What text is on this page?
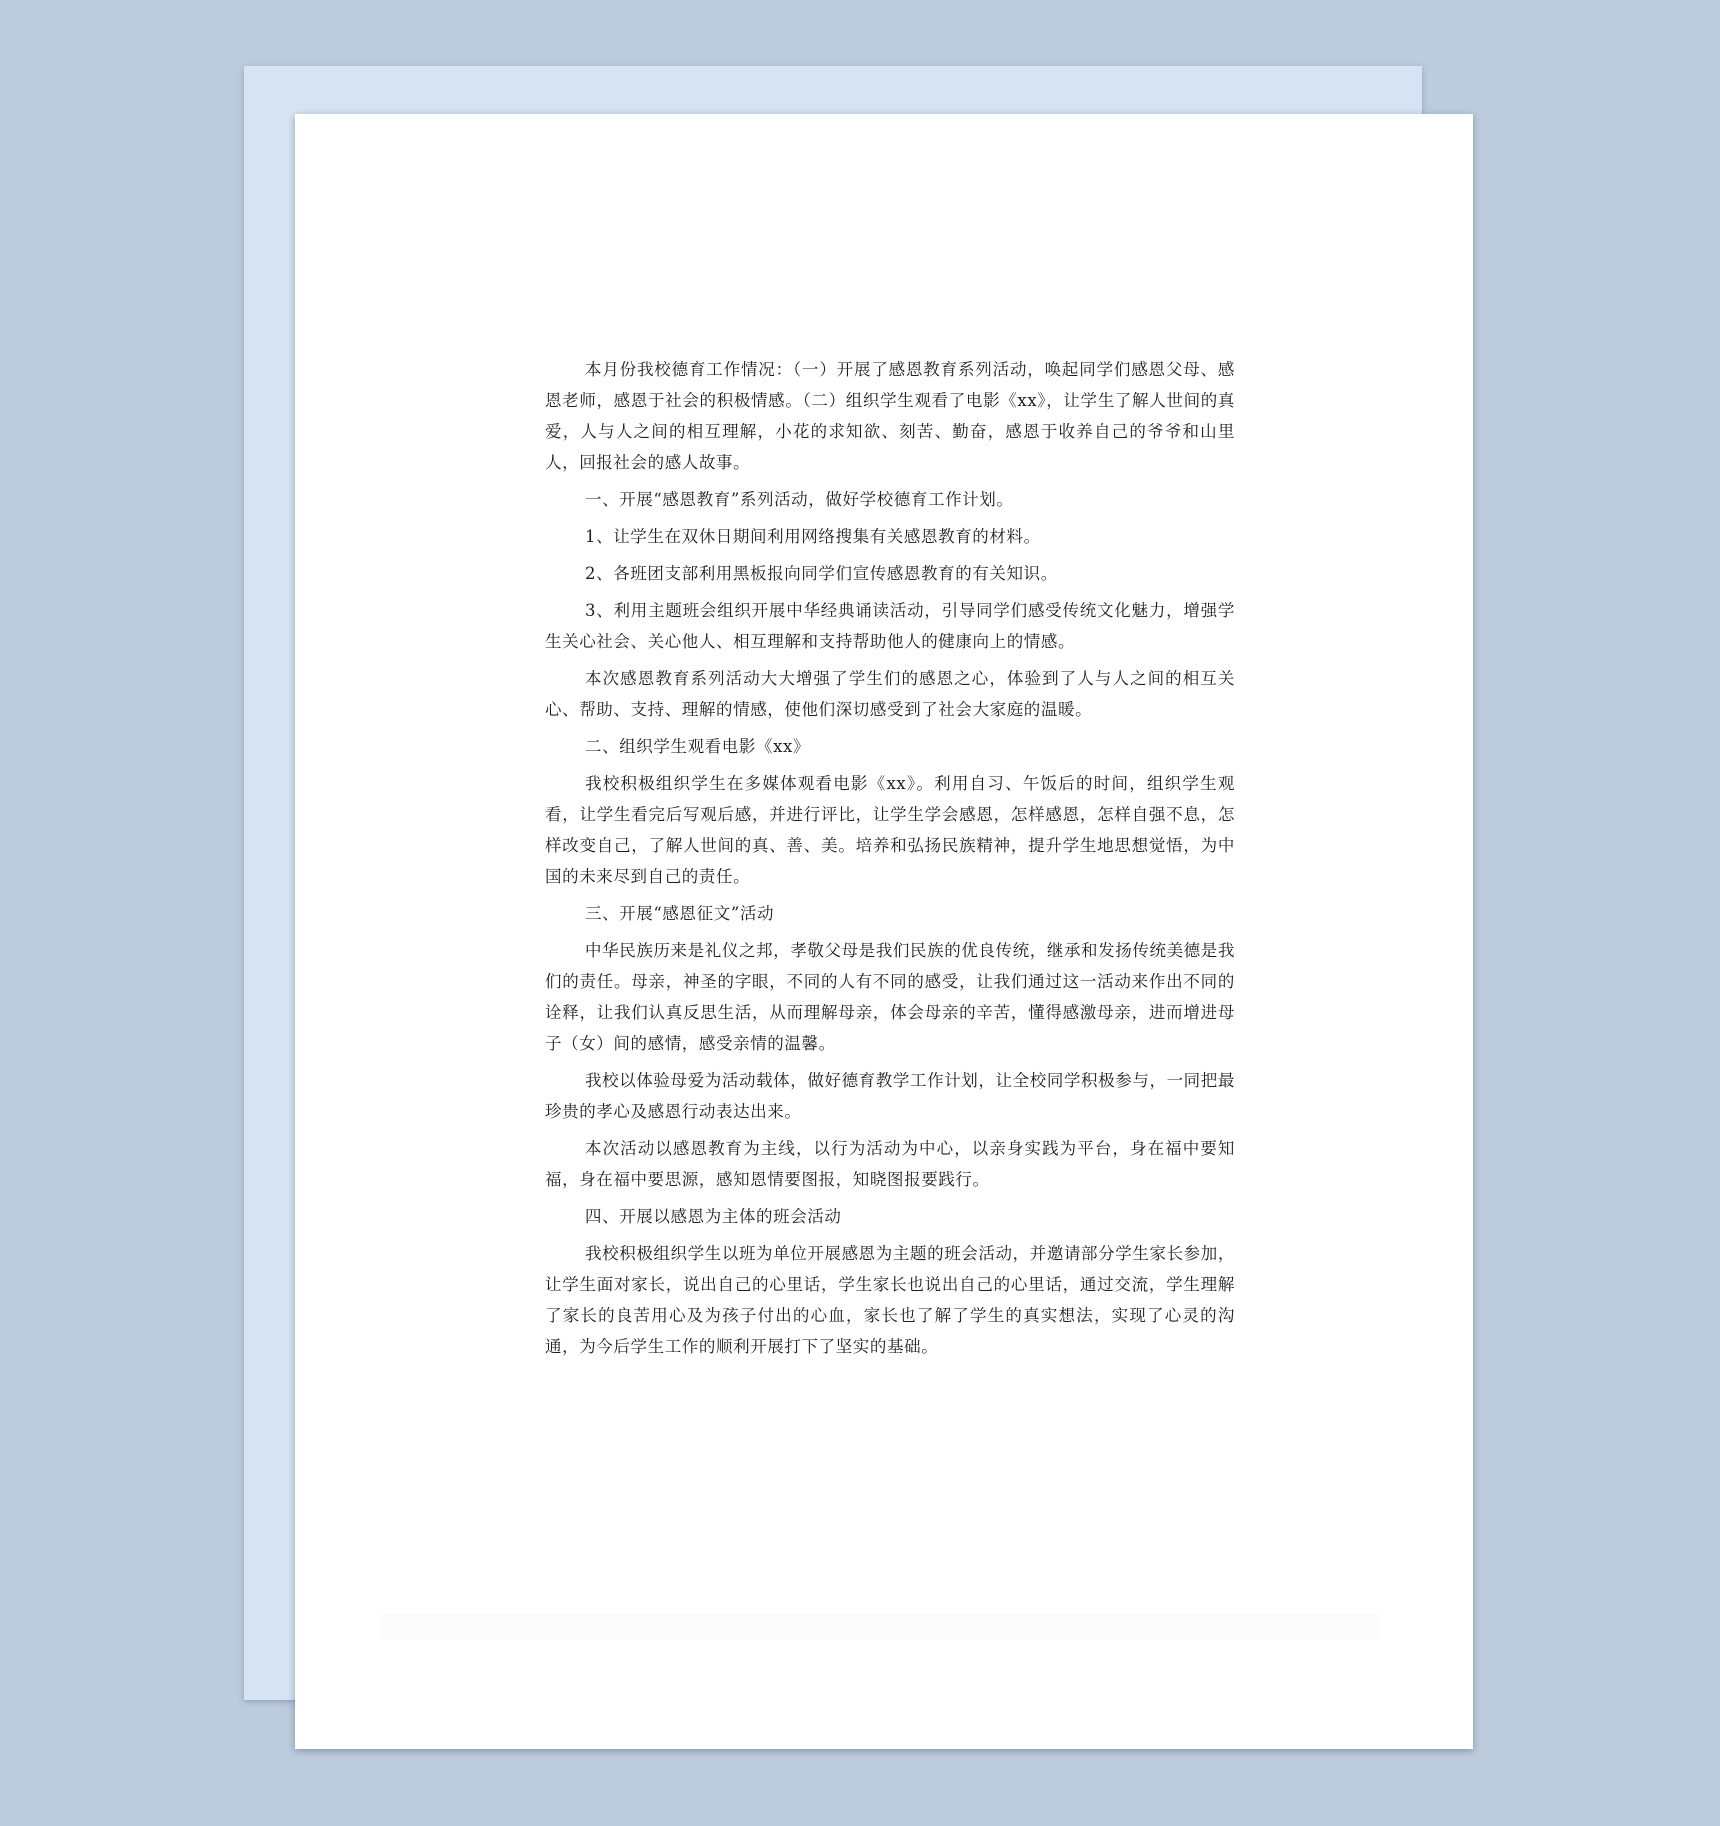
本月份我校德育工作情况：（一）开展了感恩教育系列活动，唤起同学们感恩父母、感恩老师，感恩于社会的积极情感。（二）组织学生观看了电影《xx》，让学生了解人世间的真爱，人与人之间的相互理解，小花的求知欲、刻苦、勤奋，感恩于收养自己的爷爷和山里人，回报社会的感人故事。

一、开展“感恩教育”系列活动，做好学校德育工作计划。

1、让学生在双休日期间利用网络搜集有关感恩教育的材料。

2、各班团支部利用黑板报向同学们宣传感恩教育的有关知识。

3、利用主题班会组织开展中华经典诵读活动，引导同学们感受传统文化魅力，增强学生关心社会、关心他人、相互理解和支持帮助他人的健康向上的情感。

本次感恩教育系列活动大大增强了学生们的感恩之心，体验到了人与人之间的相互关心、帮助、支持、理解的情感，使他们深切感受到了社会大家庭的温暖。

二、组织学生观看电影《xx》

我校积极组织学生在多媒体观看电影《xx》。利用自习、午饭后的时间，组织学生观看，让学生看完后写观后感，并进行评比，让学生学会感恩，怎样感恩，怎样自强不息，怎样改变自己，了解人世间的真、善、美。培养和弘扬民族精神，提升学生地思想觉悟，为中国的未来尽到自己的责任。

三、开展“感恩征文”活动

中华民族历来是礼仪之邦，孝敬父母是我们民族的优良传统，继承和发扬传统美德是我们的责任。母亲，神圣的字眼，不同的人有不同的感受，让我们通过这一活动来作出不同的诠释，让我们认真反思生活，从而理解母亲，体会母亲的辛苦，懂得感激母亲，进而增进母子（女）间的感情，感受亲情的温馨。

我校以体验母爱为活动载体，做好德育教学工作计划，让全校同学积极参与，一同把最珍贵的孝心及感恩行动表达出来。

本次活动以感恩教育为主线，以行为活动为中心，以亲身实践为平台，身在福中要知福，身在福中要思源，感知恩情要图报，知晓图报要践行。

四、开展以感恩为主体的班会活动

我校积极组织学生以班为单位开展感恩为主题的班会活动，并邀请部分学生家长参加，让学生面对家长，说出自己的心里话，学生家长也说出自己的心里话，通过交流，学生理解了家长的良苦用心及为孩子付出的心血，家长也了解了学生的真实想法，实现了心灵的沟通，为今后学生工作的顺利开展打下了坚实的基础。
